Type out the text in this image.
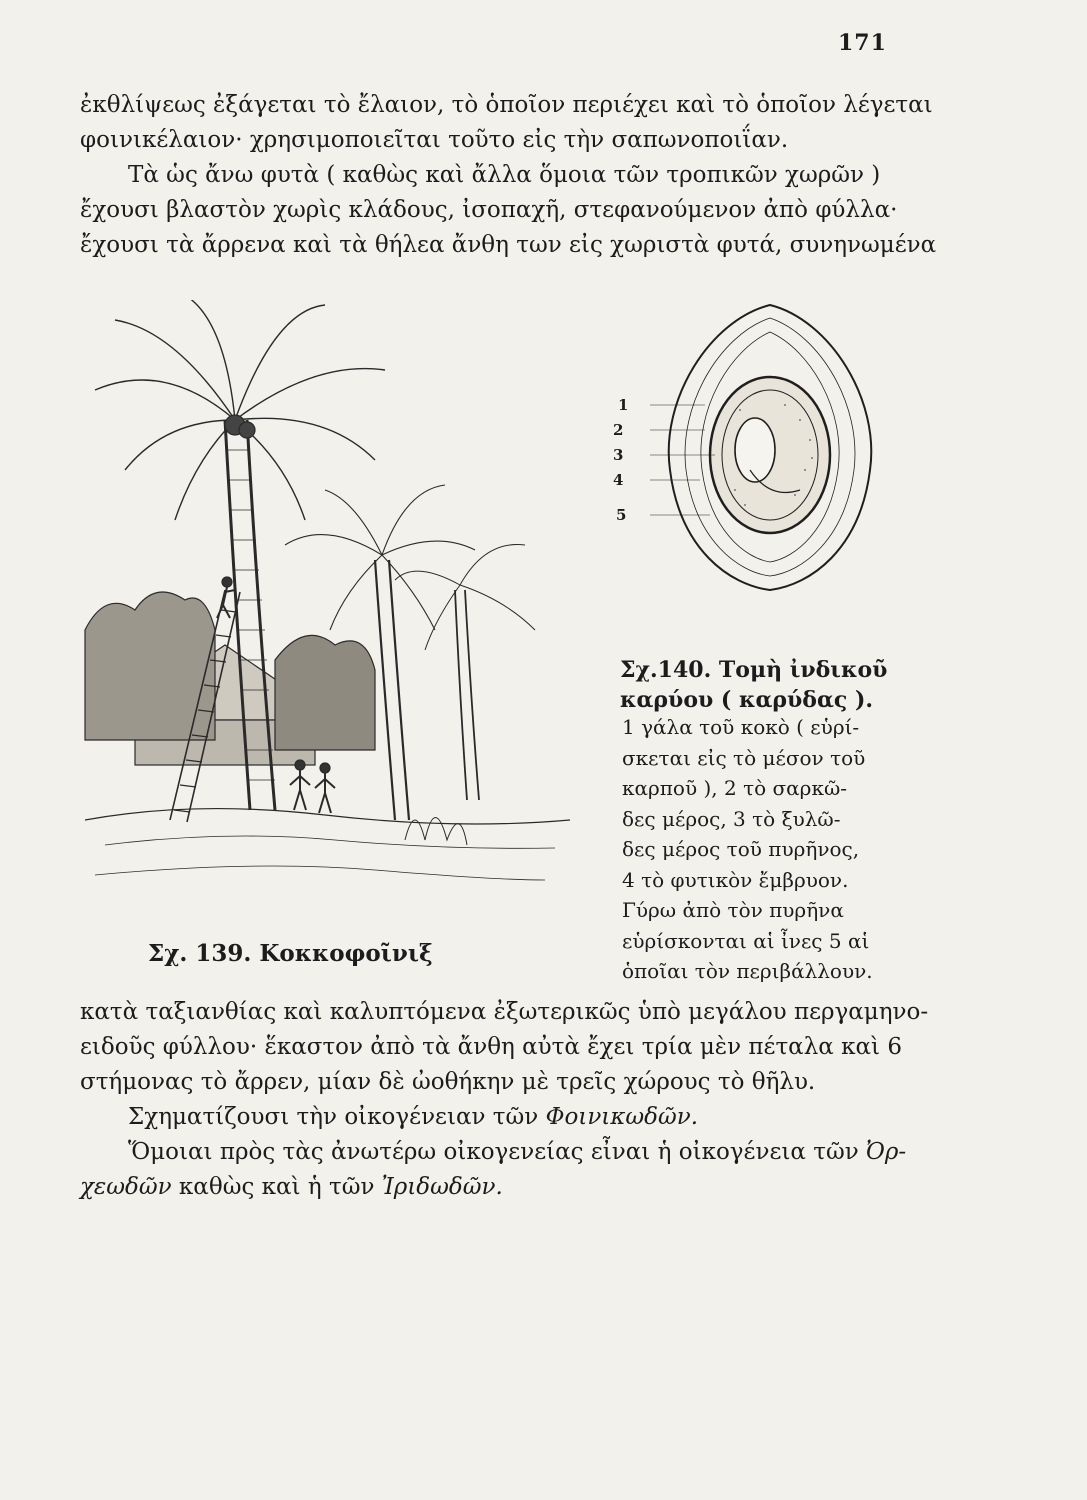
171
ἐκθλίψεως ἐξάγεται τὸ ἔλαιον, τὸ ὁποῖον περιέχει καὶ τὸ ὁποῖον λέγεται
φοινικέλαιον· χρησιμοποιεῖται τοῦτο εἰς τὴν σαπωνοποιΐαν.
Τὰ ὡς ἄνω φυτὰ ( καθὼς καὶ ἄλλα ὅμοια τῶν τροπικῶν χωρῶν )
ἔχουσι βλαστὸν χωρὶς κλάδους, ἰσοπαχῆ, στεφανούμενον ἀπὸ φύλλα·
ἔχουσι τὰ ἄρρενα καὶ τὰ θήλεα ἄνθη των εἰς χωριστὰ φυτά, συνηνωμένα
Σχ. 139. Κοκκοφοῖνιξ
1
2
3
4
5
Σχ.140. Τομὴ ἰνδικοῦ
καρύου ( καρύδας ).
1 γάλα τοῦ κοκὸ ( εὑρί-
σκεται εἰς τὸ μέσον τοῦ
καρποῦ ), 2 τὸ σαρκῶ-
δες μέρος, 3 τὸ ξυλῶ-
δες μέρος τοῦ πυρῆνος,
4 τὸ φυτικὸν ἔμβρυον.
Γύρω ἀπὸ τὸν πυρῆνα
εὑρίσκονται αἱ ἶνες 5 αἱ
ὁποῖαι τὸν περιβάλλουν.
κατὰ ταξιανθίας καὶ καλυπτόμενα ἐξωτερικῶς ὑπὸ μεγάλου περγαμηνο-
ειδοῦς φύλλου· ἕκαστον ἀπὸ τὰ ἄνθη αὐτὰ ἔχει τρία μὲν πέταλα καὶ 6
στήμονας τὸ ἄρρεν, μίαν δὲ ὠοθήκην μὲ τρεῖς χώρους τὸ θῆλυ.
Σχηματίζουσι τὴν οἰκογένειαν τῶν Φοινικωδῶν.
Ὅμοιαι πρὸς τὰς ἀνωτέρω οἰκογενείας εἶναι ἡ οἰκογένεια τῶν Ὀρ-
χεωδῶν καθὼς καὶ ἡ τῶν Ἰριδωδῶν.
